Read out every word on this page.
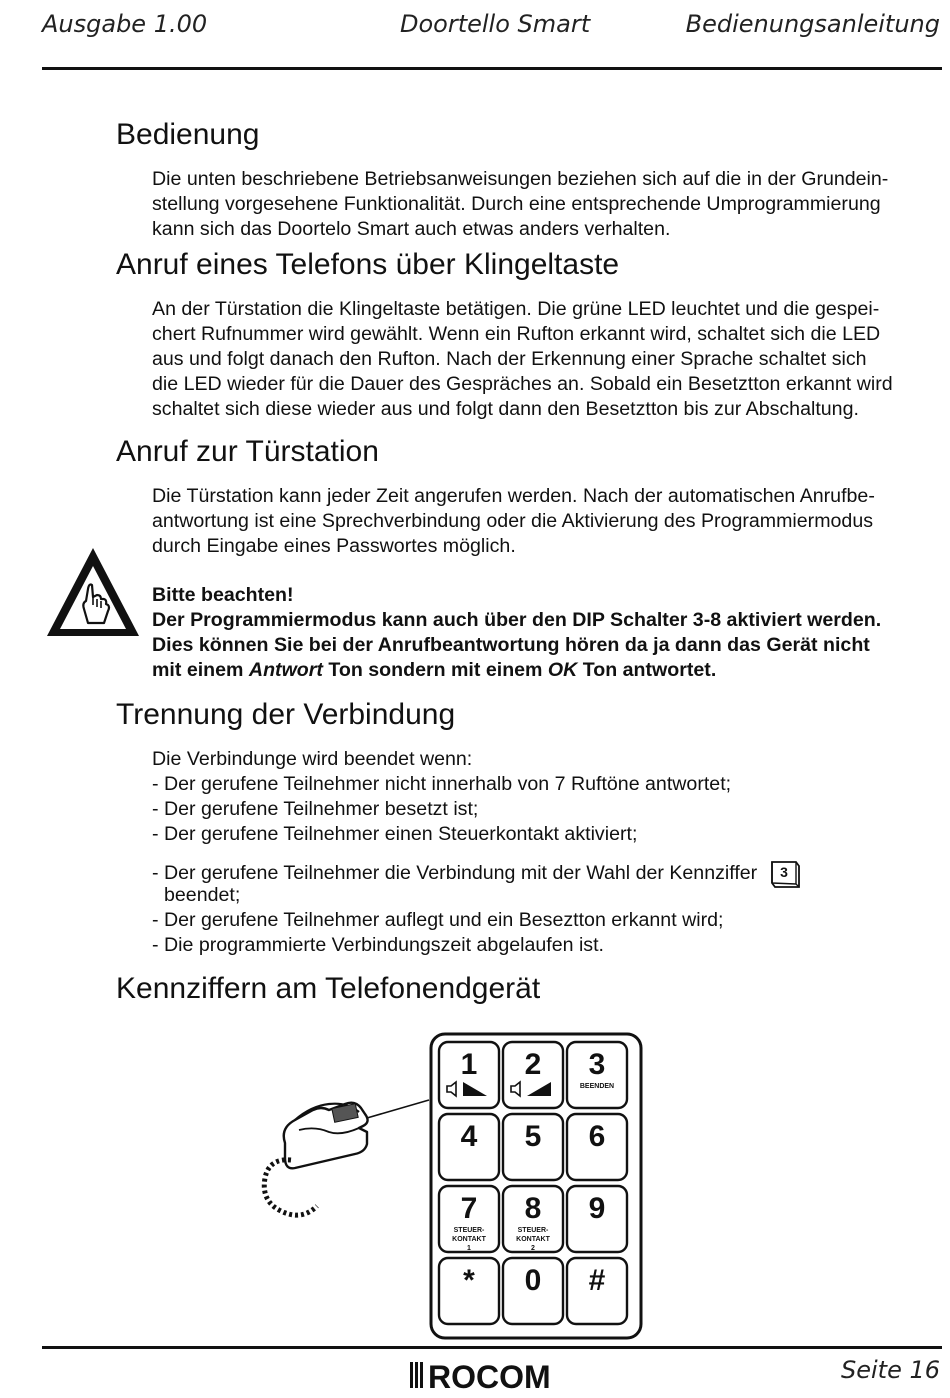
Ausgabe 1.00	Doortello Smart	Bedienungsanleitung
Bedienung
Die unten beschriebene Betriebsanweisungen beziehen sich auf die in der Grundein-
stellung vorgesehene Funktionalität. Durch eine entsprechende Umprogrammierung
kann sich das Doortelo Smart auch etwas anders verhalten.
Anruf eines Telefons über Klingeltaste
An der Türstation die Klingeltaste betätigen. Die grüne LED leuchtet und die gespei-
chert Rufnummer wird gewählt. Wenn ein Rufton erkannt wird, schaltet sich die LED
aus und folgt danach den Rufton. Nach der Erkennung einer Sprache schaltet sich
die LED wieder für die Dauer des Gespräches an. Sobald ein Besetztton erkannt wird
schaltet sich diese wieder aus und folgt dann den Besetztton bis zur Abschaltung.
Anruf zur Türstation
Die Türstation kann jeder Zeit angerufen werden. Nach der automatischen Anrufbe-
antwortung ist eine Sprechverbindung oder die Aktivierung des Programmiermodus
durch Eingabe eines Passwortes möglich.
Bitte beachten!
Der Programmiermodus kann auch über den DIP Schalter 3-8 aktiviert werden.
Dies können Sie bei der Anrufbeantwortung hören da ja dann das Gerät nicht
mit einem Antwort Ton sondern mit einem OK Ton antwortet.
Trennung der Verbindung
Die Verbindunge wird beendet wenn:
- Der gerufene Teilnehmer nicht innerhalb von 7 Ruftöne antwortet;
- Der gerufene Teilnehmer besetzt ist;
- Der gerufene Teilnehmer einen Steuerkontakt aktiviert;
- Der gerufene Teilnehmer die Verbindung mit der Wahl der Kennziffer 3
beendet;
- Der gerufene Teilnehmer auflegt und ein Beseztton erkannt wird;
- Die programmierte Verbindungszeit abgelaufen ist.
Kennziffern am Telefonendgerät
1 2 3
BEENDEN
4 5 6
7
STEUER-
KONTAKT
1
8
STEUER-
KONTAKT
2
9
* 0 #
ROCOM	Seite 16
